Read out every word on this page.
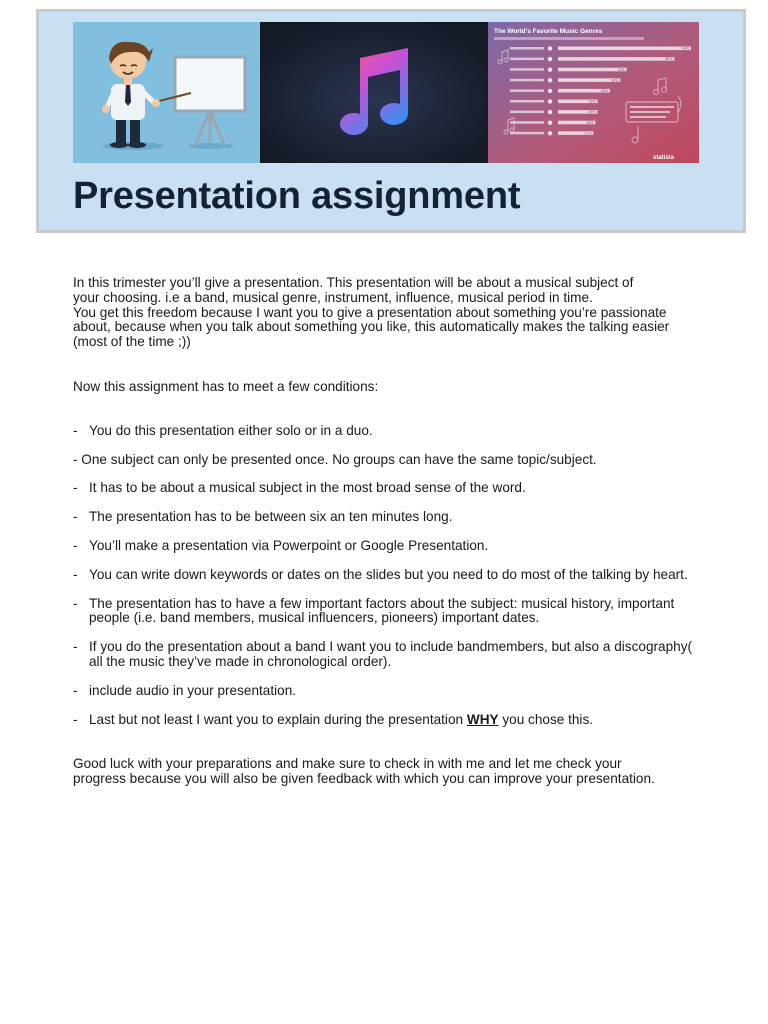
The World's Favorite Music Genres
64%
56%
33%
30%
25%
19%
19%
18%
17%
statista
Presentation assignment

In this trimester you’ll give a presentation. This presentation will be about a musical subject of

your choosing. i.e a band, musical genre, instrument, influence, musical period in time.

You get this freedom because I want you to give a presentation about something you’re passionate about, because when you talk about something you like, this automatically makes the talking easier (most of the time ;))

Now this assignment has to meet a few conditions:

- You do this presentation either solo or in a duo.
- One subject can only be presented once. No groups can have the same topic/subject.
- It has to be about a musical subject in the most broad sense of the word.
- The presentation has to be between six an ten minutes long.
- You’ll make a presentation via Powerpoint or Google Presentation.
- You can write down keywords or dates on the slides but you need to do most of the talking by heart.
- The presentation has to have a few important factors about the subject: musical history, important people (i.e. band members, musical influencers, pioneers) important dates.
- If you do the presentation about a band I want you to include bandmembers, but also a discography( all the music they’ve made in chronological order).
- include audio in your presentation.
- Last but not least I want you to explain during the presentation WHY you chose this.

Good luck with your preparations and make sure to check in with me and let me check your
progress because you will also be given feedback with which you can improve your presentation.
